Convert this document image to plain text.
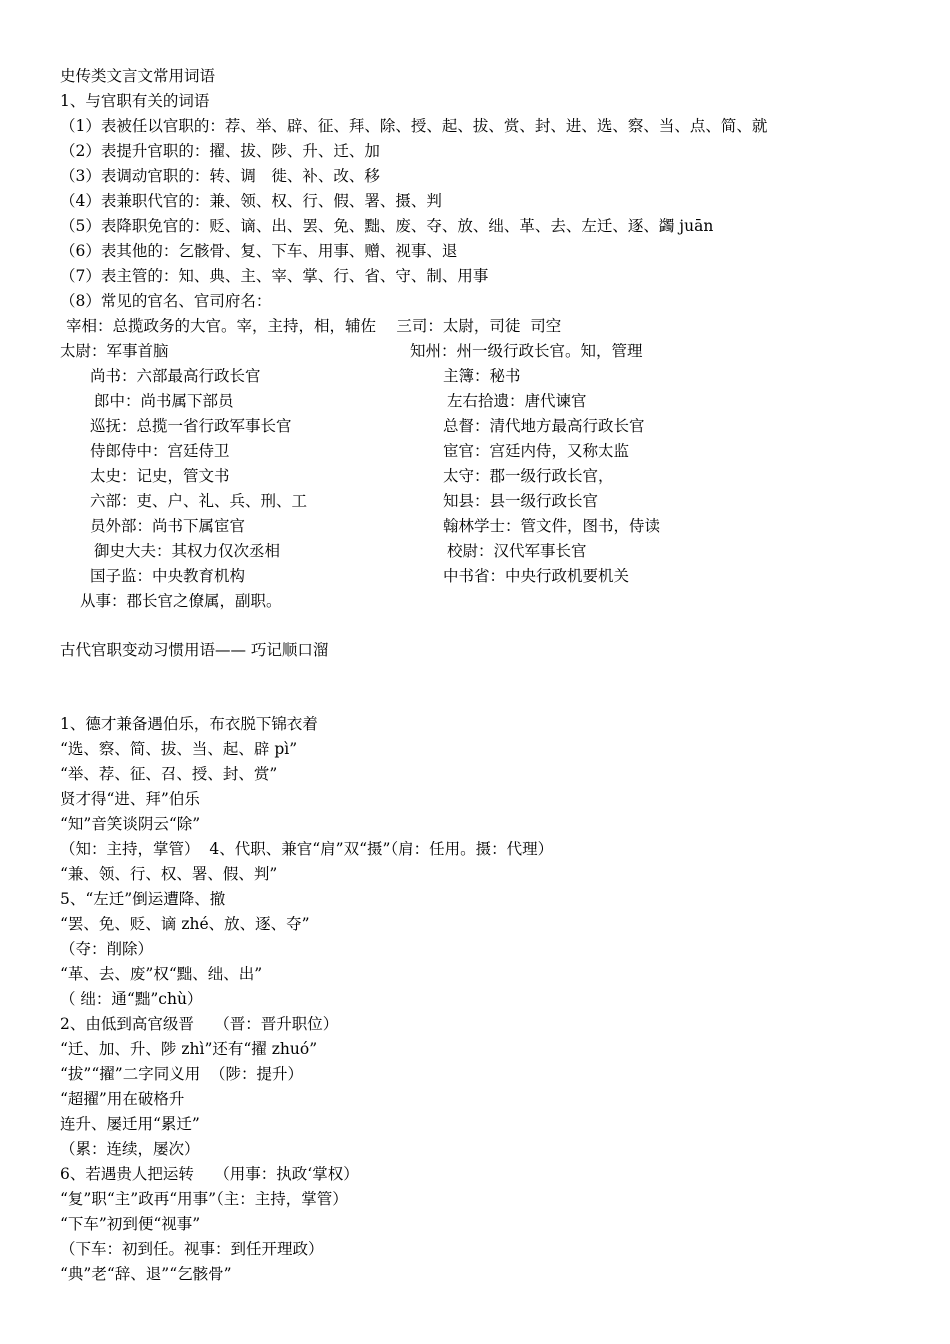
史传类文言文常用词语
1、与官职有关的词语
（1）表被任以官职的：荐、举、辟、征、拜、除、授、起、拔、赏、封、进、选、察、当、点、简、就
（2）表提升官职的：擢、拔、陟、升、迁、加
（3）表调动官职的：转、调　徙、补、改、移
（4）表兼职代官的：兼、领、权、行、假、署、摄、判
（5）表降职免官的：贬、谪、出、罢、免、黜、废、夺、放、绌、革、去、左迁、逐、蠲 juān
（6）表其他的：乞骸骨、复、下车、用事、赠、视事、退
（7）表主管的：知、典、主、宰、掌、行、省、守、制、用事
（8）常见的官名、官司府名：
宰相：总揽政务的大官。宰，主持，相，辅佐　 三司：太尉，司徒  司空
太尉：军事首脑	知州：州一级行政长官。知，管理
尚书：六部最高行政长官	主簿：秘书
郎中：尚书属下部员	左右拾遗：唐代谏官
巡抚：总揽一省行政军事长官	总督：清代地方最高行政长官
侍郎侍中：宫廷侍卫	宦官：宫廷内侍，又称太监
太史：记史，管文书	太守：郡一级行政长官，
六部：吏、户、礼、兵、刑、工	知县：县一级行政长官
员外部：尚书下属宦官	翰林学士：管文件，图书，侍读
御史大夫：其权力仅次丞相	校尉：汉代军事长官
国子监：中央教育机构	中书省：中央行政机要机关
从事：郡长官之僚属，副职。
古代官职变动习惯用语—— 巧记顺口溜
1、德才兼备遇伯乐，布衣脱下锦衣着
“选、察、简、拔、当、起、辟 pì”
“举、荐、征、召、授、封、赏”
贤才得“进、拜”伯乐
“知”音笑谈阴云“除”
（知：主持，掌管）  4、代职、兼官“肩”双“摄”（肩：任用。摄：代理）
“兼、领、行、权、署、假、判”
5、“左迁”倒运遭降、撤
“罢、免、贬、谪 zhé、放、逐、夺”
（夺：削除）
“革、去、废”权“黜、绌、出”
（ 绌：通“黜”chù）
2、由低到高官级晋　 （晋：晋升职位）
“迁、加、升、陟 zhì”还有“擢 zhuó”
“拔”“擢”二字同义用  （陟：提升）
“超擢”用在破格升
连升、屡迁用“累迁”
（累：连续，屡次）
6、若遇贵人把运转　 （用事：执政‘掌权）
“复”职“主”政再“用事”（主：主持，掌管）
“下车”初到便“视事”
（下车：初到任。视事：到任开理政）
“典”老“辞、退”“乞骸骨”
